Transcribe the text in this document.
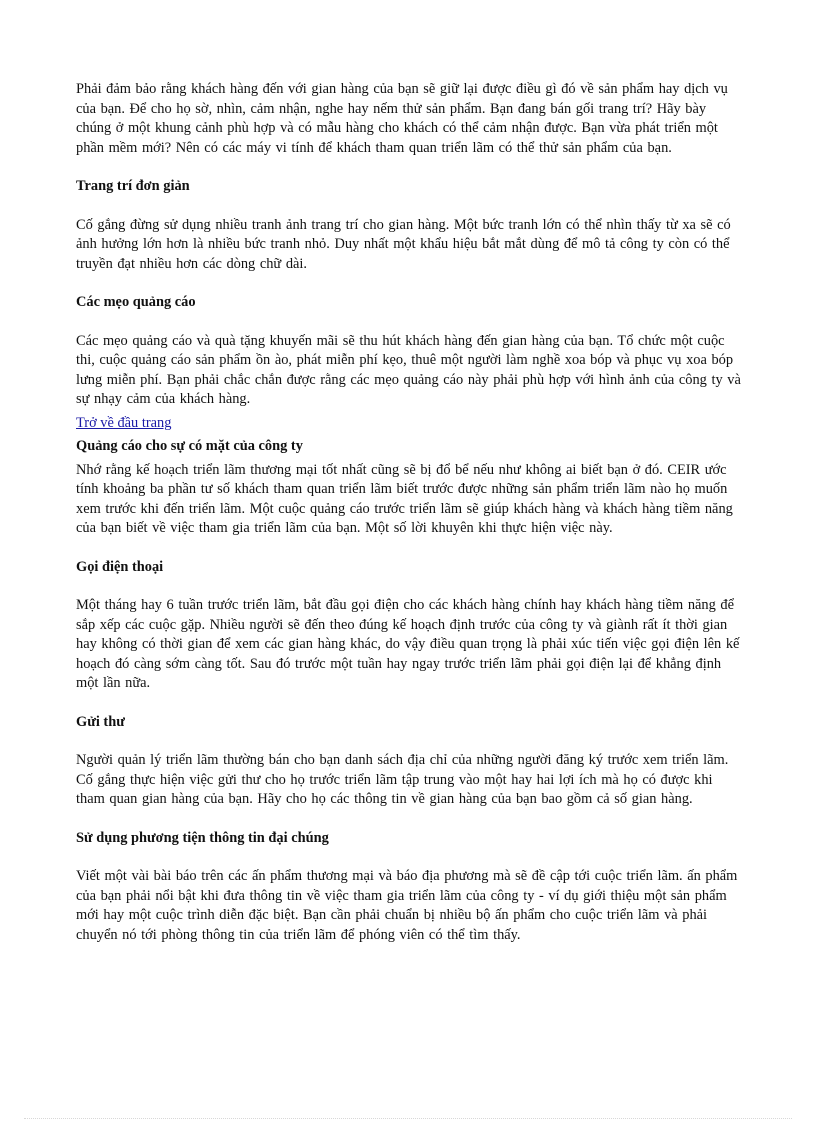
Phải đảm bảo rằng khách hàng đến với gian hàng của bạn sẽ giữ lại được điều gì đó về sản phẩm hay dịch vụ của bạn. Để cho họ sờ, nhìn, cảm nhận, nghe hay nếm thử sản phẩm. Bạn đang bán gối trang trí? Hãy bày chúng ở một khung cảnh phù hợp và có mẫu hàng cho khách có thể cảm nhận được. Bạn vừa phát triển một phần mềm mới? Nên có các máy vi tính để khách tham quan triển lãm có thể thử sản phẩm của bạn.

Trang trí đơn giản

Cố gắng đừng sử dụng nhiều tranh ảnh trang trí cho gian hàng. Một bức tranh lớn có thể nhìn thấy từ xa sẽ có ảnh hưởng lớn hơn là nhiều bức tranh nhỏ. Duy nhất một khẩu hiệu bắt mắt dùng để mô tả công ty còn có thể truyền đạt nhiều hơn các dòng chữ dài.

Các mẹo quảng cáo

Các mẹo quảng cáo và quà tặng khuyến mãi sẽ thu hút khách hàng đến gian hàng của bạn. Tổ chức một cuộc thi, cuộc quảng cáo sản phẩm ồn ào, phát miễn phí kẹo, thuê một người làm nghề xoa bóp và phục vụ xoa bóp lưng miễn phí. Bạn phải chắc chắn được rằng các mẹo quảng cáo này phải phù hợp với hình ảnh của công ty và sự nhạy cảm của khách hàng.

Trở về đầu trang

Quảng cáo cho sự có mặt của công ty

Nhớ rằng kế hoạch triển lãm thương mại tốt nhất cũng sẽ bị đổ bể nếu như không ai biết bạn ở đó. CEIR ước tính khoảng ba phần tư số khách tham quan triển lãm biết trước được những sản phẩm triển lãm nào họ muốn xem trước khi đến triển lãm. Một cuộc quảng cáo trước triển lãm sẽ giúp khách hàng và khách hàng tiềm năng của bạn biết về việc tham gia triển lãm của bạn. Một số lời khuyên khi thực hiện việc này.

Gọi điện thoại

Một tháng hay 6 tuần trước triển lãm, bắt đầu gọi điện cho các khách hàng chính hay khách hàng tiềm năng để sắp xếp các cuộc gặp. Nhiều người sẽ đến theo đúng kế hoạch định trước của công ty và giành rất ít thời gian hay không có thời gian để xem các gian hàng khác, do vậy điều quan trọng là phải xúc tiến việc gọi điện lên kế hoạch đó càng sớm càng tốt. Sau đó trước một tuần hay ngay trước triển lãm phải gọi điện lại để khẳng định một lần nữa.

Gửi thư

Người quản lý triển lãm thường bán cho bạn danh sách địa chỉ của những người đăng ký trước xem triển lãm. Cố gắng thực hiện việc gửi thư cho họ trước triển lãm tập trung vào một hay hai lợi ích mà họ có được khi tham quan gian hàng của bạn. Hãy cho họ các thông tin về gian hàng của bạn bao gồm cả số gian hàng.

Sử dụng phương tiện thông tin đại chúng

Viết một vài bài báo trên các ấn phẩm thương mại và báo địa phương mà sẽ đề cập tới cuộc triển lãm. ấn phẩm của bạn phải nổi bật khi đưa thông tin về việc tham gia triển lãm của công ty - ví dụ giới thiệu một sản phẩm mới hay một cuộc trình diễn đặc biệt. Bạn cần phải chuẩn bị nhiều bộ ấn phẩm cho cuộc triển lãm và phải chuyển nó tới phòng thông tin của triển lãm để phóng viên có thể tìm thấy.
